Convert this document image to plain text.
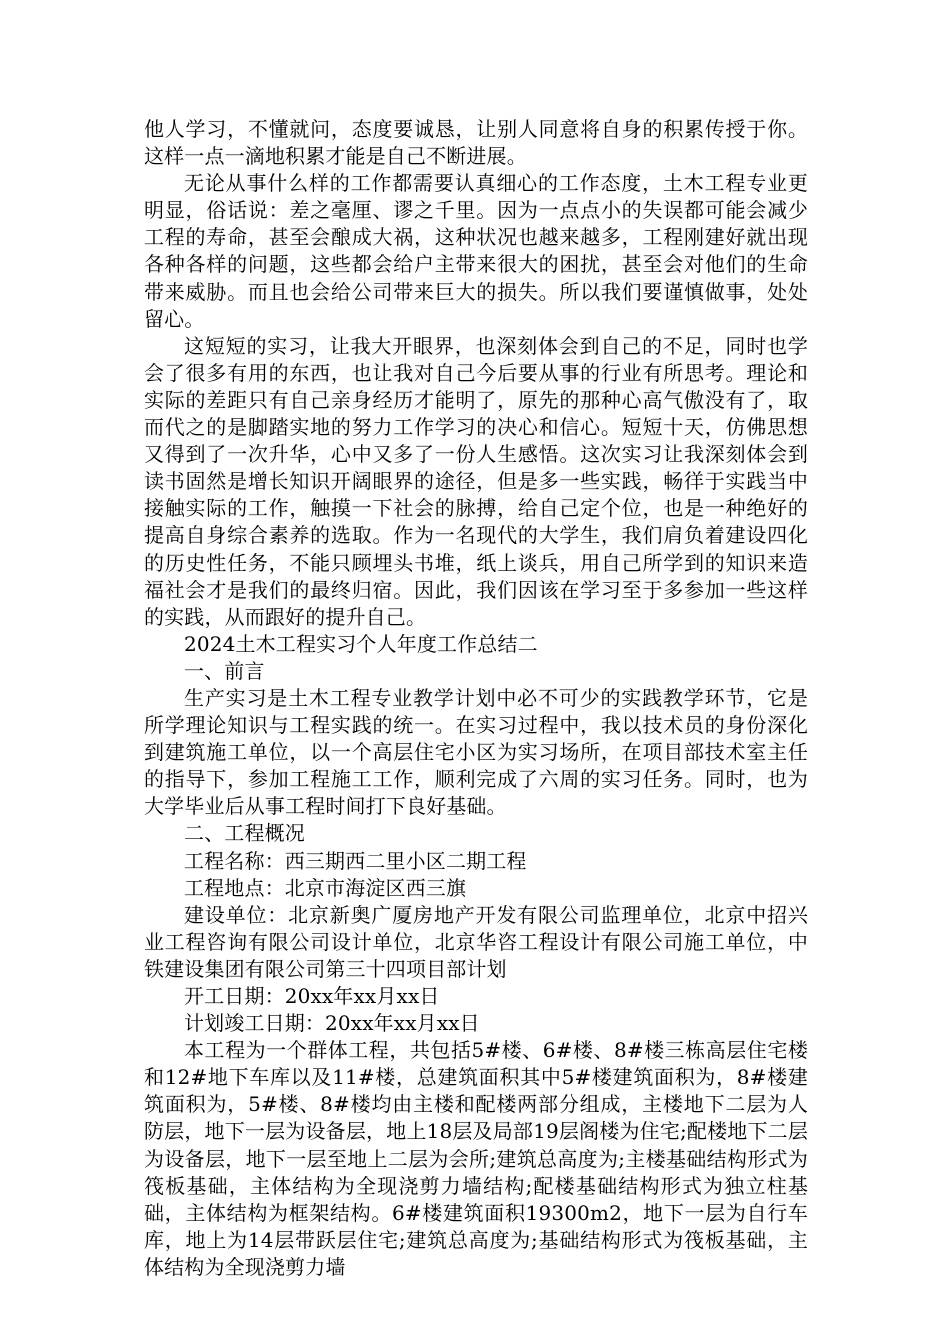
他人学习，不懂就问，态度要诚恳，让别人同意将自身的积累传授于你。这样一点一滴地积累才能是自己不断进展。

无论从事什么样的工作都需要认真细心的工作态度，土木工程专业更明显，俗话说：差之毫厘、谬之千里。因为一点点小的失误都可能会减少工程的寿命，甚至会酿成大祸，这种状况也越来越多，工程刚建好就出现各种各样的问题，这些都会给户主带来很大的困扰，甚至会对他们的生命带来威胁。而且也会给公司带来巨大的损失。所以我们要谨慎做事，处处留心。

这短短的实习，让我大开眼界，也深刻体会到自己的不足，同时也学会了很多有用的东西，也让我对自己今后要从事的行业有所思考。理论和实际的差距只有自己亲身经历才能明了，原先的那种心高气傲没有了，取而代之的是脚踏实地的努力工作学习的决心和信心。短短十天，仿佛思想又得到了一次升华，心中又多了一份人生感悟。这次实习让我深刻体会到读书固然是增长知识开阔眼界的途径，但是多一些实践，畅徉于实践当中接触实际的工作，触摸一下社会的脉搏，给自己定个位，也是一种绝好的提高自身综合素养的选取。作为一名现代的大学生，我们肩负着建设四化的历史性任务，不能只顾埋头书堆，纸上谈兵，用自己所学到的知识来造福社会才是我们的最终归宿。因此，我们因该在学习至于多参加一些这样的实践，从而跟好的提升自己。

2024土木工程实习个人年度工作总结二

一、前言

生产实习是土木工程专业教学计划中必不可少的实践教学环节，它是所学理论知识与工程实践的统一。在实习过程中，我以技术员的身份深化到建筑施工单位，以一个高层住宅小区为实习场所，在项目部技术室主任的指导下，参加工程施工工作，顺利完成了六周的实习任务。同时，也为大学毕业后从事工程时间打下良好基础。

二、工程概况

工程名称：西三期西二里小区二期工程

工程地点：北京市海淀区西三旗

建设单位：北京新奥广厦房地产开发有限公司监理单位，北京中招兴业工程咨询有限公司设计单位，北京华咨工程设计有限公司施工单位，中铁建设集团有限公司第三十四项目部计划

开工日期：20xx年xx月xx日

计划竣工日期：20xx年xx月xx日

本工程为一个群体工程，共包括5#楼、6#楼、8#楼三栋高层住宅楼和12#地下车库以及11#楼，总建筑面积其中5#楼建筑面积为，8#楼建筑面积为，5#楼、8#楼均由主楼和配楼两部分组成，主楼地下二层为人防层，地下一层为设备层，地上18层及局部19层阁楼为住宅;配楼地下二层为设备层，地下一层至地上二层为会所;建筑总高度为;主楼基础结构形式为筏板基础，主体结构为全现浇剪力墙结构;配楼基础结构形式为独立柱基础，主体结构为框架结构。6#楼建筑面积19300m2，地下一层为自行车库，地上为14层带跃层住宅;建筑总高度为;基础结构形式为筏板基础，主体结构为全现浇剪力墙
